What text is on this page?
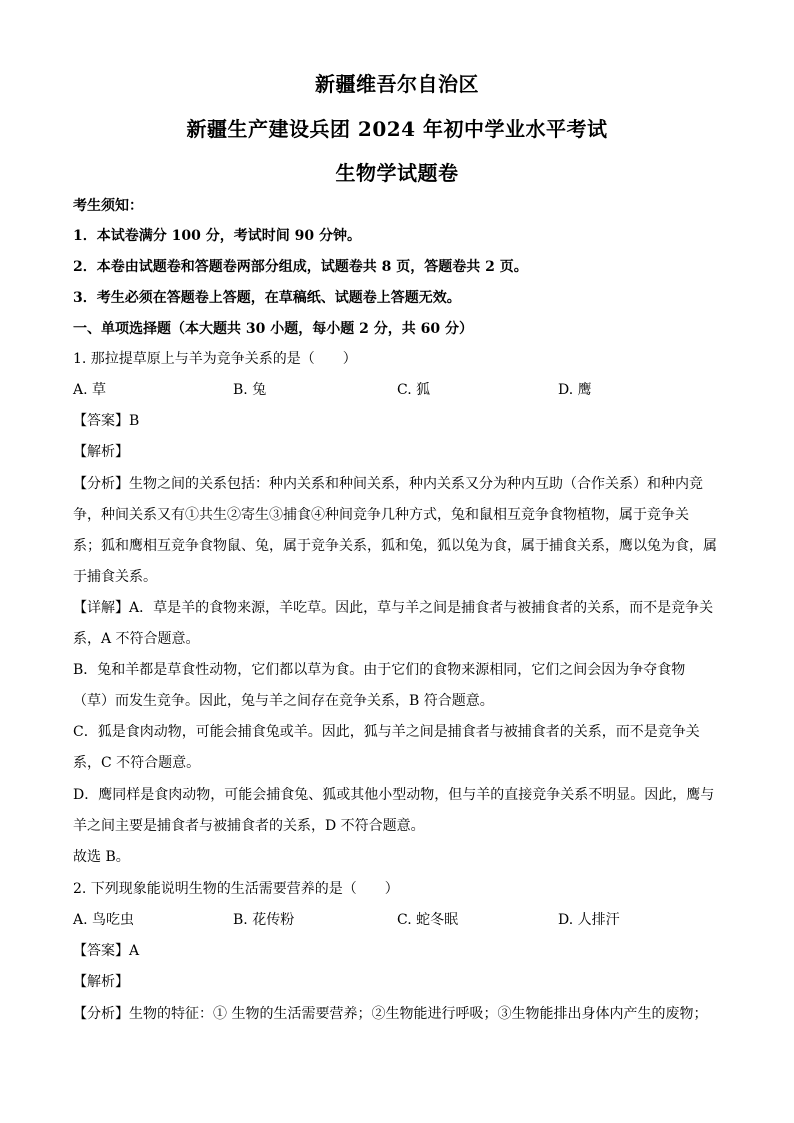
新疆维吾尔自治区
新疆生产建设兵团 2024 年初中学业水平考试
生物学试题卷
考生须知：
1．本试卷满分 100 分，考试时间 90 分钟。
2．本卷由试题卷和答题卷两部分组成，试题卷共 8 页，答题卷共 2 页。
3．考生必须在答题卷上答题，在草稿纸、试题卷上答题无效。
一、单项选择题（本大题共 30 小题，每小题 2 分，共 60 分）
1. 那拉提草原上与羊为竞争关系的是（　　）
A. 草	B. 兔	C. 狐	D. 鹰
【答案】B
【解析】
【分析】生物之间的关系包括：种内关系和种间关系，种内关系又分为种内互助（合作关系）和种内竞
争，种间关系又有①共生②寄生③捕食④种间竞争几种方式，兔和鼠相互竞争食物植物，属于竞争关
系；狐和鹰相互竞争食物鼠、兔，属于竞争关系，狐和兔，狐以兔为食，属于捕食关系，鹰以兔为食，属
于捕食关系。
【详解】A．草是羊的食物来源，羊吃草。因此，草与羊之间是捕食者与被捕食者的关系，而不是竞争关
系，A 不符合题意。
B．兔和羊都是草食性动物，它们都以草为食。由于它们的食物来源相同，它们之间会因为争夺食物
（草）而发生竞争。因此，兔与羊之间存在竞争关系，B 符合题意。
C．狐是食肉动物，可能会捕食兔或羊。因此，狐与羊之间是捕食者与被捕食者的关系，而不是竞争关
系，C 不符合题意。
D．鹰同样是食肉动物，可能会捕食兔、狐或其他小型动物，但与羊的直接竞争关系不明显。因此，鹰与
羊之间主要是捕食者与被捕食者的关系，D 不符合题意。
故选 B。
2. 下列现象能说明生物的生活需要营养的是（　　）
A. 鸟吃虫	B. 花传粉	C. 蛇冬眠	D. 人排汗
【答案】A
【解析】
【分析】生物的特征：① 生物的生活需要营养；②生物能进行呼吸；③生物能排出身体内产生的废物；
